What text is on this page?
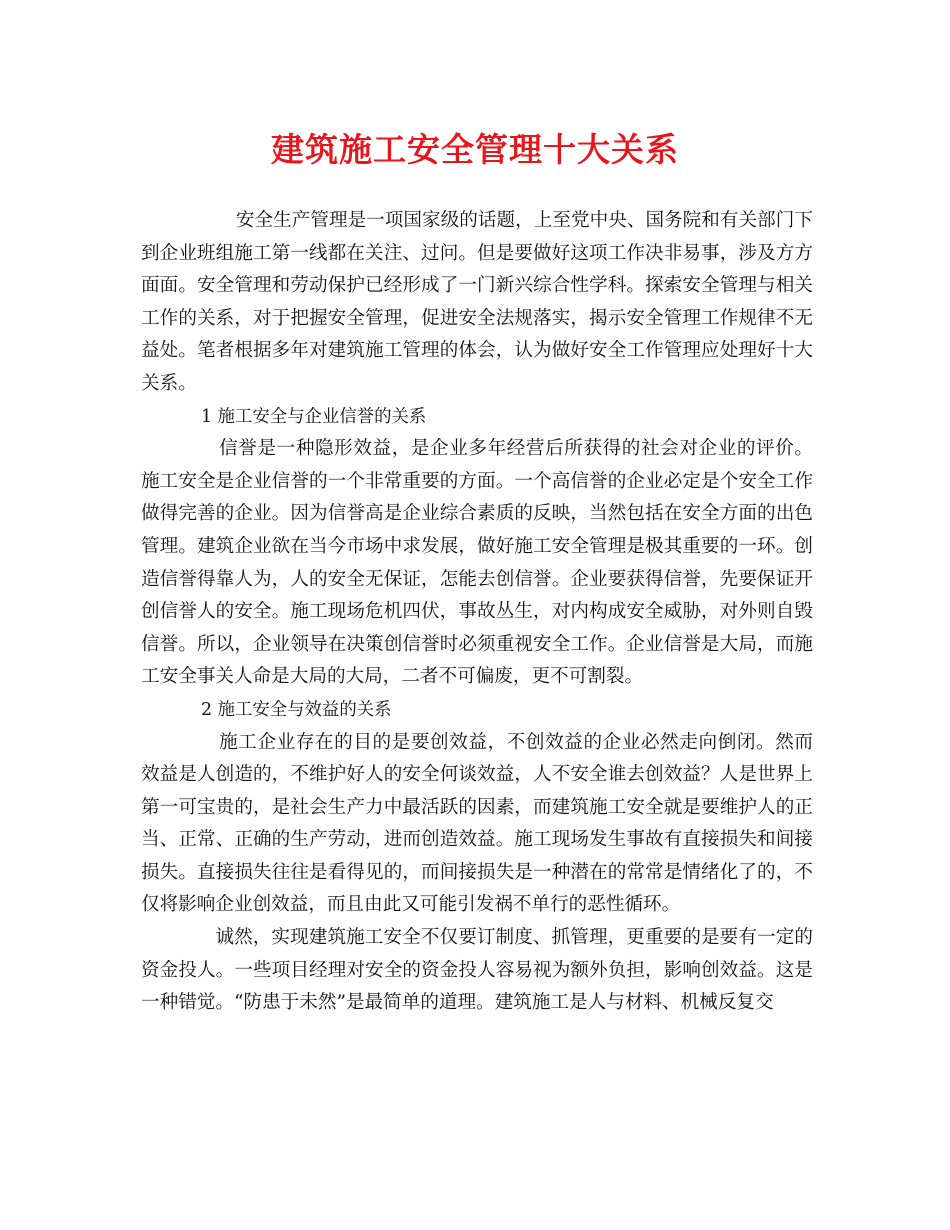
建筑施工安全管理十大关系

安全生产管理是一项国家级的话题，上至党中央、国务院和有关部门下到企业班组施工第一线都在关注、过问。但是要做好这项工作决非易事，涉及方方面面。安全管理和劳动保护已经形成了一门新兴综合性学科。探索安全管理与相关工作的关系，对于把握安全管理，促进安全法规落实，揭示安全管理工作规律不无益处。笔者根据多年对建筑施工管理的体会，认为做好安全工作管理应处理好十大关系。

1 施工安全与企业信誉的关系

信誉是一种隐形效益，是企业多年经营后所获得的社会对企业的评价。施工安全是企业信誉的一个非常重要的方面。一个高信誉的企业必定是个安全工作做得完善的企业。因为信誉高是企业综合素质的反映，当然包括在安全方面的出色管理。建筑企业欲在当今市场中求发展，做好施工安全管理是极其重要的一环。创造信誉得靠人为，人的安全无保证，怎能去创信誉。企业要获得信誉，先要保证开创信誉人的安全。施工现场危机四伏，事故丛生，对内构成安全威胁，对外则自毁信誉。所以，企业领导在决策创信誉时必须重视安全工作。企业信誉是大局，而施工安全事关人命是大局的大局，二者不可偏废，更不可割裂。

2 施工安全与效益的关系

施工企业存在的目的是要创效益，不创效益的企业必然走向倒闭。然而效益是人创造的，不维护好人的安全何谈效益，人不安全谁去创效益？人是世界上第一可宝贵的，是社会生产力中最活跃的因素，而建筑施工安全就是要维护人的正当、正常、正确的生产劳动，进而创造效益。施工现场发生事故有直接损失和间接损失。直接损失往往是看得见的，而间接损失是一种潜在的常常是情绪化了的，不仅将影响企业创效益，而且由此又可能引发祸不单行的恶性循环。

诚然，实现建筑施工安全不仅要订制度、抓管理，更重要的是要有一定的资金投人。一些项目经理对安全的资金投人容易视为额外负担，影响创效益。这是一种错觉。“防患于未然”是最简单的道理。建筑施工是人与材料、机械反复交
